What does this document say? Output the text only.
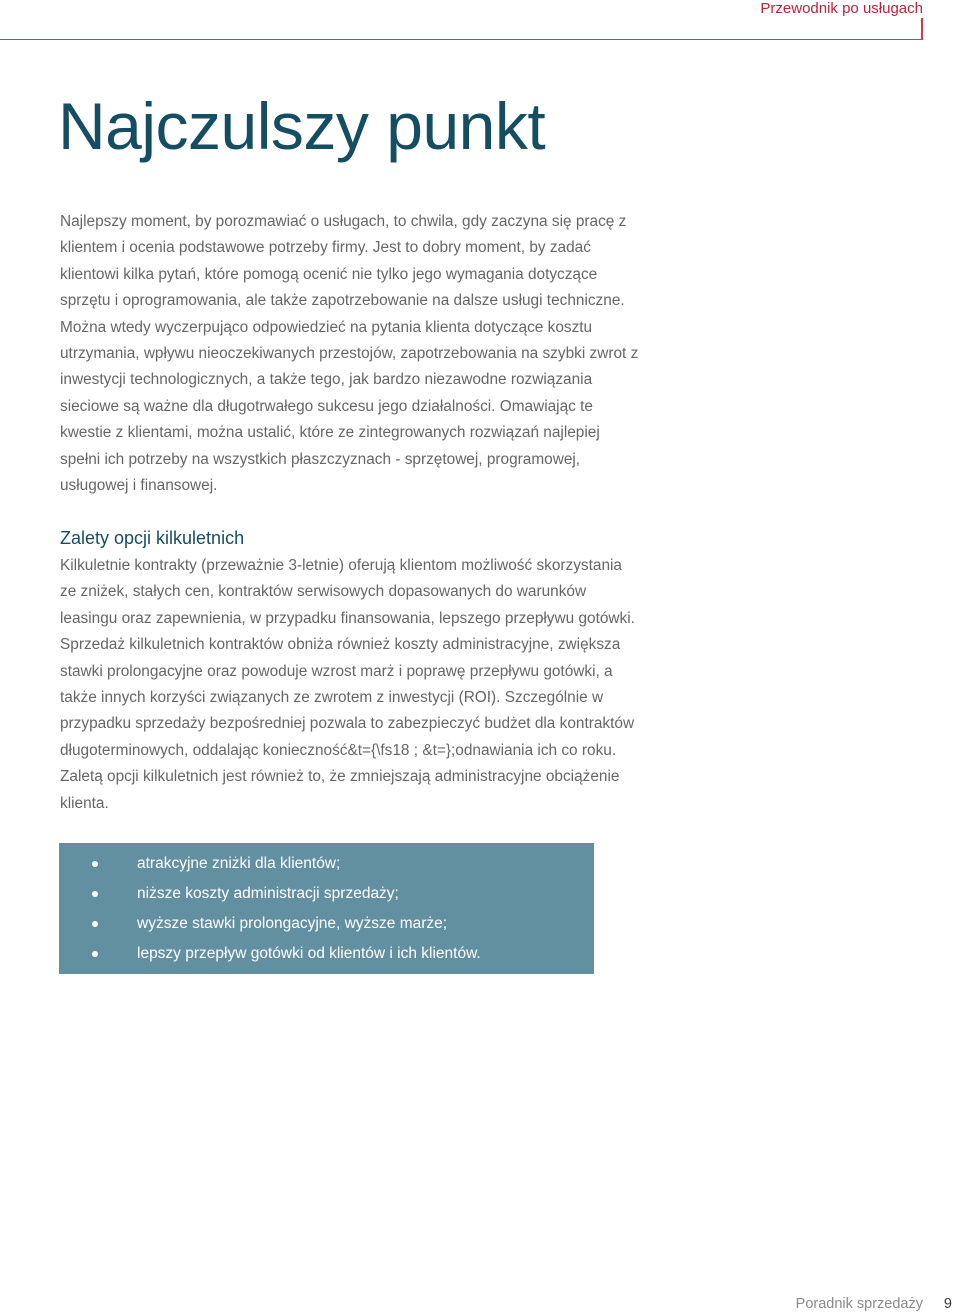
Przewodnik po usługach
Najczulszy punkt

Najlepszy moment, by porozmawiać o usługach, to chwila, gdy zaczyna się pracę z klientem i ocenia podstawowe potrzeby firmy. Jest to dobry moment, by zadać klientowi kilka pytań, które pomogą ocenić nie tylko jego wymagania dotyczące sprzętu i oprogramowania, ale także zapotrzebowanie na dalsze usługi techniczne. Można wtedy wyczerpująco odpowiedzieć na pytania klienta dotyczące kosztu utrzymania, wpływu nieoczekiwanych przestojów, zapotrzebowania na szybki zwrot z inwestycji technologicznych, a także tego, jak bardzo niezawodne rozwiązania sieciowe są ważne dla długotrwałego sukcesu jego działalności. Omawiając te kwestie z klientami, można ustalić, które ze zintegrowanych rozwiązań najlepiej spełni ich potrzeby na wszystkich płaszczyznach - sprzętowej, programowej, usługowej i finansowej.

Zalety opcji kilkuletnich

Kilkuletnie kontrakty (przeważnie 3-letnie) oferują klientom możliwość skorzystania ze zniżek, stałych cen, kontraktów serwisowych dopasowanych do warunków leasingu oraz zapewnienia, w przypadku finansowania, lepszego przepływu gotówki. Sprzedaż kilkuletnich kontraktów obniża również koszty administracyjne, zwiększa stawki prolongacyjne oraz powoduje wzrost marż i poprawę przepływu gotówki, a także innych korzyści związanych ze zwrotem z inwestycji (ROI). Szczególnie w przypadku sprzedaży bezpośredniej pozwala to zabezpieczyć budżet dla kontraktów długoterminowych, oddalając konieczność&t={\fs18 ; &t=};odnawiania ich co roku. Zaletą opcji kilkuletnich jest również to, że zmniejszają administracyjne obciążenie klienta.

atrakcyjne zniżki dla klientów;
niższe koszty administracji sprzedaży;
wyższe stawki prolongacyjne, wyższe marże;
lepszy przepływ gotówki od klientów i ich klientów.
Poradnik sprzedaży 9
